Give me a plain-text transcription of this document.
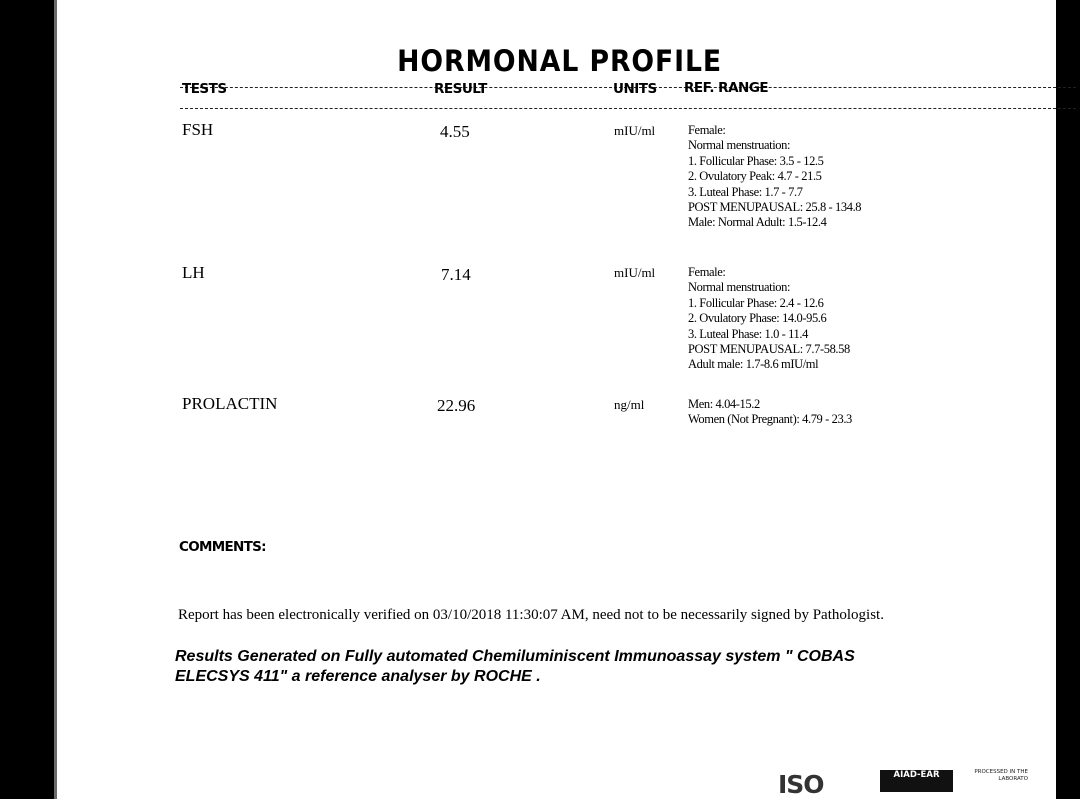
HORMONAL PROFILE
TESTS	RESULT	UNITS REF. RANGE
FSH	4.55	mIU/ml	Female:
Normal menstruation:
1. Follicular Phase: 3.5 - 12.5
2. Ovulatory Peak: 4.7 - 21.5
3. Luteal Phase: 1.7 - 7.7
POST MENUPAUSAL: 25.8 - 134.8
Male: Normal Adult: 1.5-12.4
LH	7.14	mIU/ml	Female:
Normal menstruation:
1. Follicular Phase: 2.4 - 12.6
2. Ovulatory Phase: 14.0-95.6
3. Luteal Phase: 1.0 - 11.4
POST MENUPAUSAL: 7.7-58.58
Adult male: 1.7-8.6 mIU/ml
PROLACTIN	22.96	ng/ml	Men: 4.04-15.2
Women (Not Pregnant): 4.79 - 23.3
COMMENTS:
Report has been electronically verified on 03/10/2018 11:30:07 AM, need not to be necessarily signed by Pathologist.
Results Generated on Fully automated Chemiluminiscent Immunoassay system " COBAS ELECSYS 411" a reference analyser by ROCHE .
ISO	AIAD-EAR	PROCESSED IN THE LABORATO
